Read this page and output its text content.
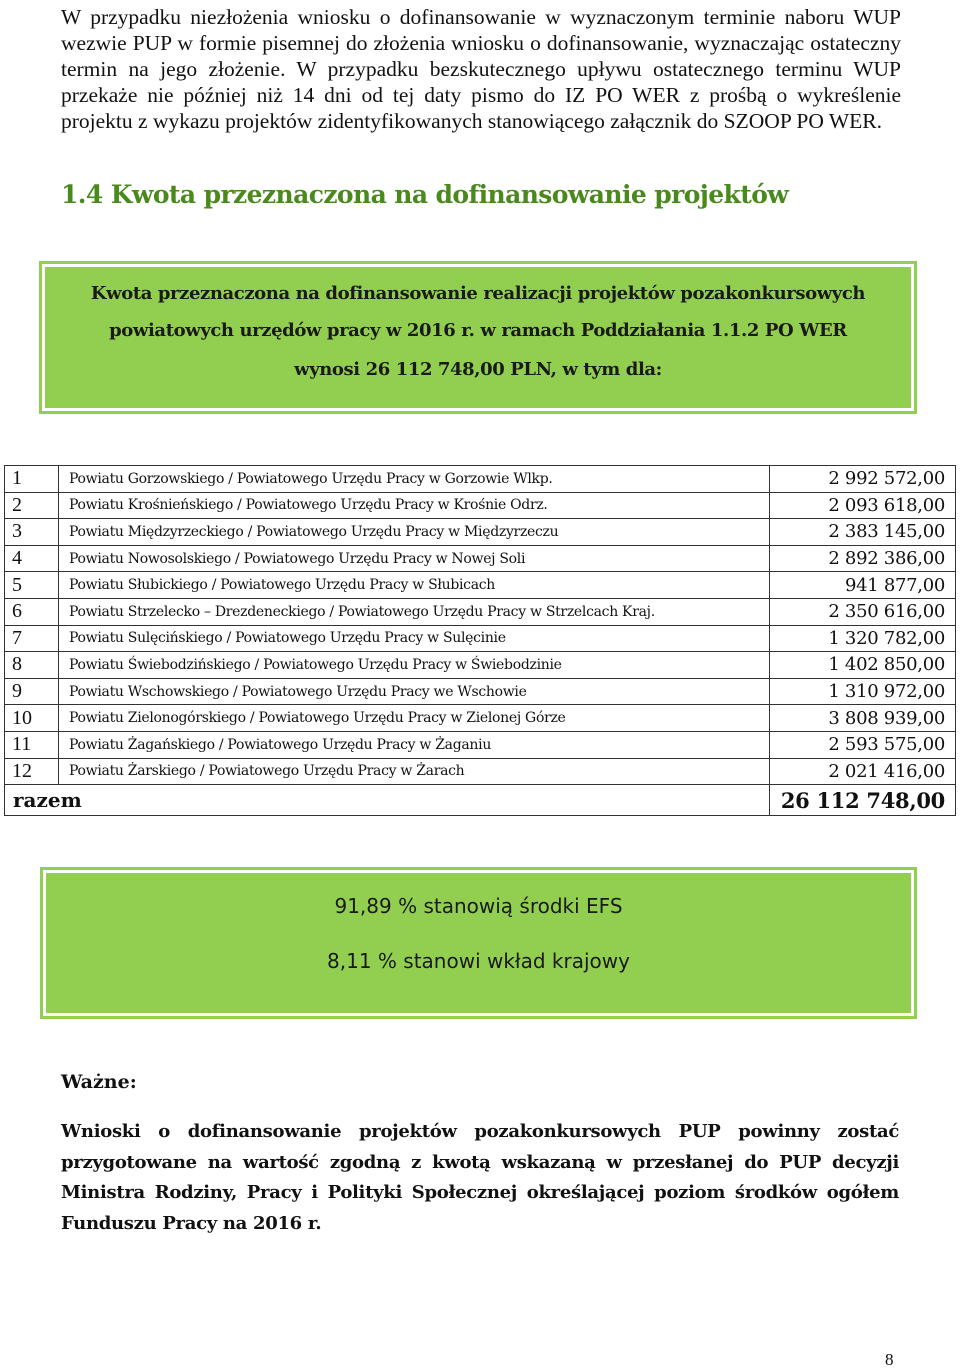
W przypadku niezłożenia wniosku o dofinansowanie w wyznaczonym terminie naboru WUP wezwie PUP w formie pisemnej do złożenia wniosku o dofinansowanie, wyznaczając ostateczny termin na jego złożenie. W przypadku bezskutecznego upływu ostatecznego terminu WUP przekaże nie później niż 14 dni od tej daty pismo do IZ PO WER z prośbą o wykreślenie projektu z wykazu projektów zidentyfikowanych stanowiącego załącznik do SZOOP PO WER.

1.4 Kwota przeznaczona na dofinansowanie projektów
Kwota przeznaczona na dofinansowanie realizacji projektów pozakonkursowych
powiatowych urzędów pracy w 2016 r. w ramach Poddziałania 1.1.2 PO WER
wynosi 26 112 748,00 PLN, w tym dla:
1	Powiatu Gorzowskiego / Powiatowego Urzędu Pracy w Gorzowie Wlkp.	2 992 572,00
2	Powiatu Krośnieńskiego / Powiatowego Urzędu Pracy w Krośnie Odrz.	2 093 618,00
3	Powiatu Międzyrzeckiego / Powiatowego Urzędu Pracy w Międzyrzeczu	2 383 145,00
4	Powiatu Nowosolskiego / Powiatowego Urzędu Pracy w Nowej Soli	2 892 386,00
5	Powiatu Słubickiego / Powiatowego Urzędu Pracy w Słubicach	941 877,00
6	Powiatu Strzelecko – Drezdeneckiego / Powiatowego Urzędu Pracy w Strzelcach Kraj.	2 350 616,00
7	Powiatu Sulęcińskiego / Powiatowego Urzędu Pracy w Sulęcinie	1 320 782,00
8	Powiatu Świebodzińskiego / Powiatowego Urzędu Pracy w Świebodzinie	1 402 850,00
9	Powiatu Wschowskiego / Powiatowego Urzędu Pracy we Wschowie	1 310 972,00
10	Powiatu Zielonogórskiego / Powiatowego Urzędu Pracy w Zielonej Górze	3 808 939,00
11	Powiatu Żagańskiego / Powiatowego Urzędu Pracy w Żaganiu	2 593 575,00
12	Powiatu Żarskiego / Powiatowego Urzędu Pracy w Żarach	2 021 416,00
razem		26 112 748,00
91,89 % stanowią środki EFS
8,11 % stanowi wkład krajowy
Ważne:

Wnioski o dofinansowanie projektów pozakonkursowych PUP powinny zostać przygotowane na wartość zgodną z kwotą wskazaną w przesłanej do PUP decyzji Ministra Rodziny, Pracy i Polityki Społecznej określającej poziom środków ogółem Funduszu Pracy na 2016 r.

8
